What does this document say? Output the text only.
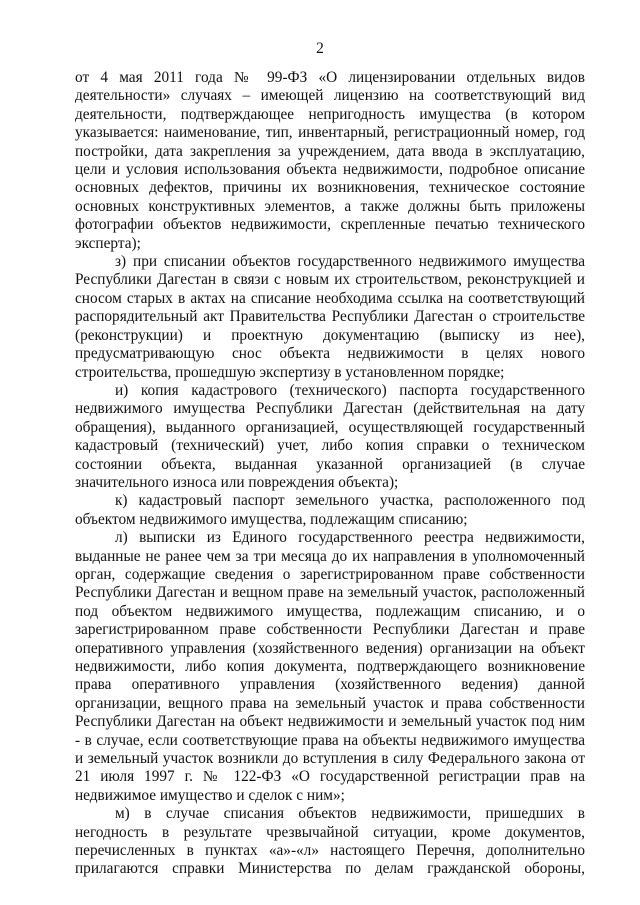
2

от 4 мая 2011 года № 99-ФЗ «О лицензировании отдельных видов деятельности» случаях – имеющей лицензию на соответствующий вид деятельности, подтверждающее непригодность имущества (в котором указывается: наименование, тип, инвентарный, регистрационный номер, год постройки, дата закрепления за учреждением, дата ввода в эксплуатацию, цели и условия использования объекта недвижимости, подробное описание основных дефектов, причины их возникновения, техническое состояние основных конструктивных элементов, а также должны быть приложены фотографии объектов недвижимости, скрепленные печатью технического эксперта);

з) при списании объектов государственного недвижимого имущества Республики Дагестан в связи с новым их строительством, реконструкцией и сносом старых в актах на списание необходима ссылка на соответствующий распорядительный акт Правительства Республики Дагестан о строительстве (реконструкции) и проектную документацию (выписку из нее), предусматривающую снос объекта недвижимости в целях нового строительства, прошедшую экспертизу в установленном порядке;

и) копия кадастрового (технического) паспорта государственного недвижимого имущества Республики Дагестан (действительная на дату обращения), выданного организацией, осуществляющей государственный кадастровый (технический) учет, либо копия справки о техническом состоянии объекта, выданная указанной организацией (в случае значительного износа или повреждения объекта);

к) кадастровый паспорт земельного участка, расположенного под объектом недвижимого имущества, подлежащим списанию;

л) выписки из Единого государственного реестра недвижимости, выданные не ранее чем за три месяца до их направления в уполномоченный орган, содержащие сведения о зарегистрированном праве собственности Республики Дагестан и вещном праве на земельный участок, расположенный под объектом недвижимого имущества, подлежащим списанию, и о зарегистрированном праве собственности Республики Дагестан и праве оперативного управления (хозяйственного ведения) организации на объект недвижимости, либо копия документа, подтверждающего возникновение права оперативного управления (хозяйственного ведения) данной организации, вещного права на земельный участок и права собственности Республики Дагестан на объект недвижимости и земельный участок под ним - в случае, если соответствующие права на объекты недвижимого имущества и земельный участок возникли до вступления в силу Федерального закона от 21 июля 1997 г. № 122-ФЗ «О государственной регистрации прав на недвижимое имущество и сделок с ним»;

м) в случае списания объектов недвижимости, пришедших в негодность в результате чрезвычайной ситуации, кроме документов, перечисленных в пунктах «а»-«л» настоящего Перечня, дополнительно прилагаются справки Министерства по делам гражданской обороны,
